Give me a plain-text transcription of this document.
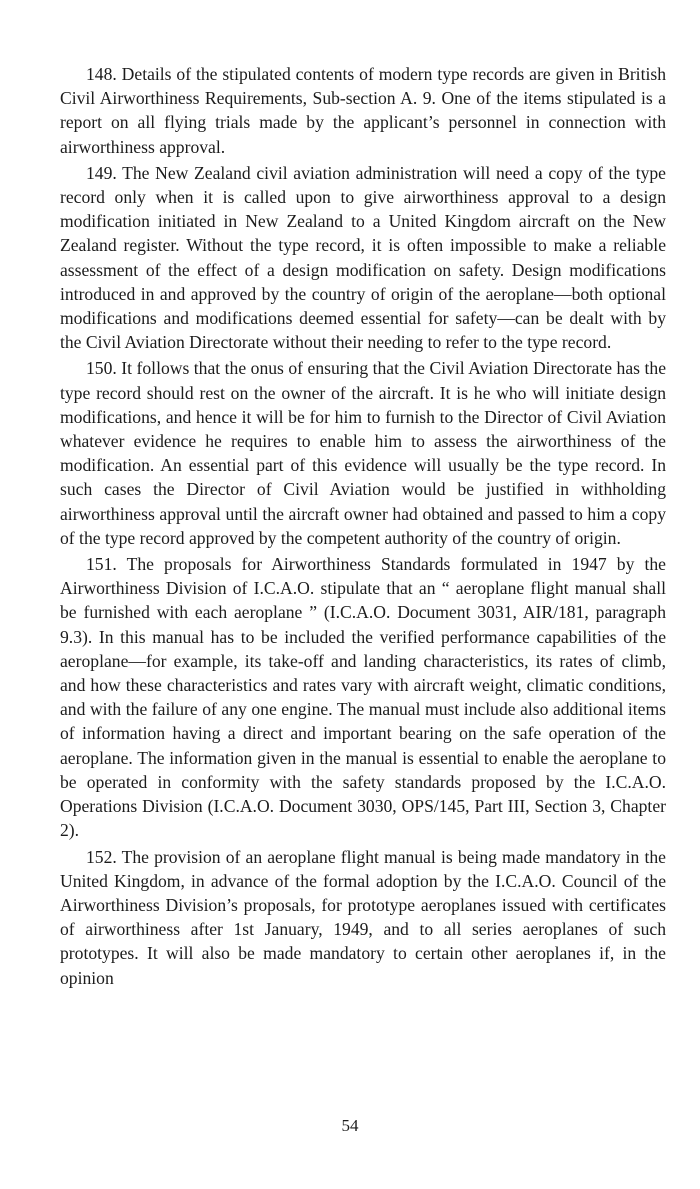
148. Details of the stipulated contents of modern type records are given in British Civil Airworthiness Requirements, Sub-section A. 9. One of the items stipulated is a report on all flying trials made by the applicant’s personnel in connection with airworthiness approval.

149. The New Zealand civil aviation administration will need a copy of the type record only when it is called upon to give airworthiness approval to a design modification initiated in New Zealand to a United Kingdom aircraft on the New Zealand register. Without the type record, it is often impossible to make a reliable assessment of the effect of a design modification on safety. Design modifications introduced in and approved by the country of origin of the aeroplane—both optional modifications and modifications deemed essential for safety—can be dealt with by the Civil Aviation Directorate without their needing to refer to the type record.

150. It follows that the onus of ensuring that the Civil Aviation Directorate has the type record should rest on the owner of the aircraft. It is he who will initiate design modifications, and hence it will be for him to furnish to the Director of Civil Aviation whatever evidence he requires to enable him to assess the airworthiness of the modification. An essential part of this evidence will usually be the type record. In such cases the Director of Civil Aviation would be justified in withholding airworthiness approval until the aircraft owner had obtained and passed to him a copy of the type record approved by the competent authority of the country of origin.

151. The proposals for Airworthiness Standards formulated in 1947 by the Airworthiness Division of I.C.A.O. stipulate that an “ aeroplane flight manual shall be furnished with each aeroplane ” (I.C.A.O. Document 3031, AIR/181, paragraph 9.3). In this manual has to be included the verified performance capabilities of the aeroplane—for example, its take-off and landing characteristics, its rates of climb, and how these characteristics and rates vary with aircraft weight, climatic conditions, and with the failure of any one engine. The manual must include also additional items of information having a direct and important bearing on the safe operation of the aeroplane. The information given in the manual is essential to enable the aeroplane to be operated in conformity with the safety standards proposed by the I.C.A.O. Operations Division (I.C.A.O. Document 3030, OPS/145, Part III, Section 3, Chapter 2).

152. The provision of an aeroplane flight manual is being made mandatory in the United Kingdom, in advance of the formal adoption by the I.C.A.O. Council of the Airworthiness Division’s proposals, for prototype aeroplanes issued with certificates of airworthiness after 1st January, 1949, and to all series aeroplanes of such prototypes. It will also be made mandatory to certain other aeroplanes if, in the opinion

54
